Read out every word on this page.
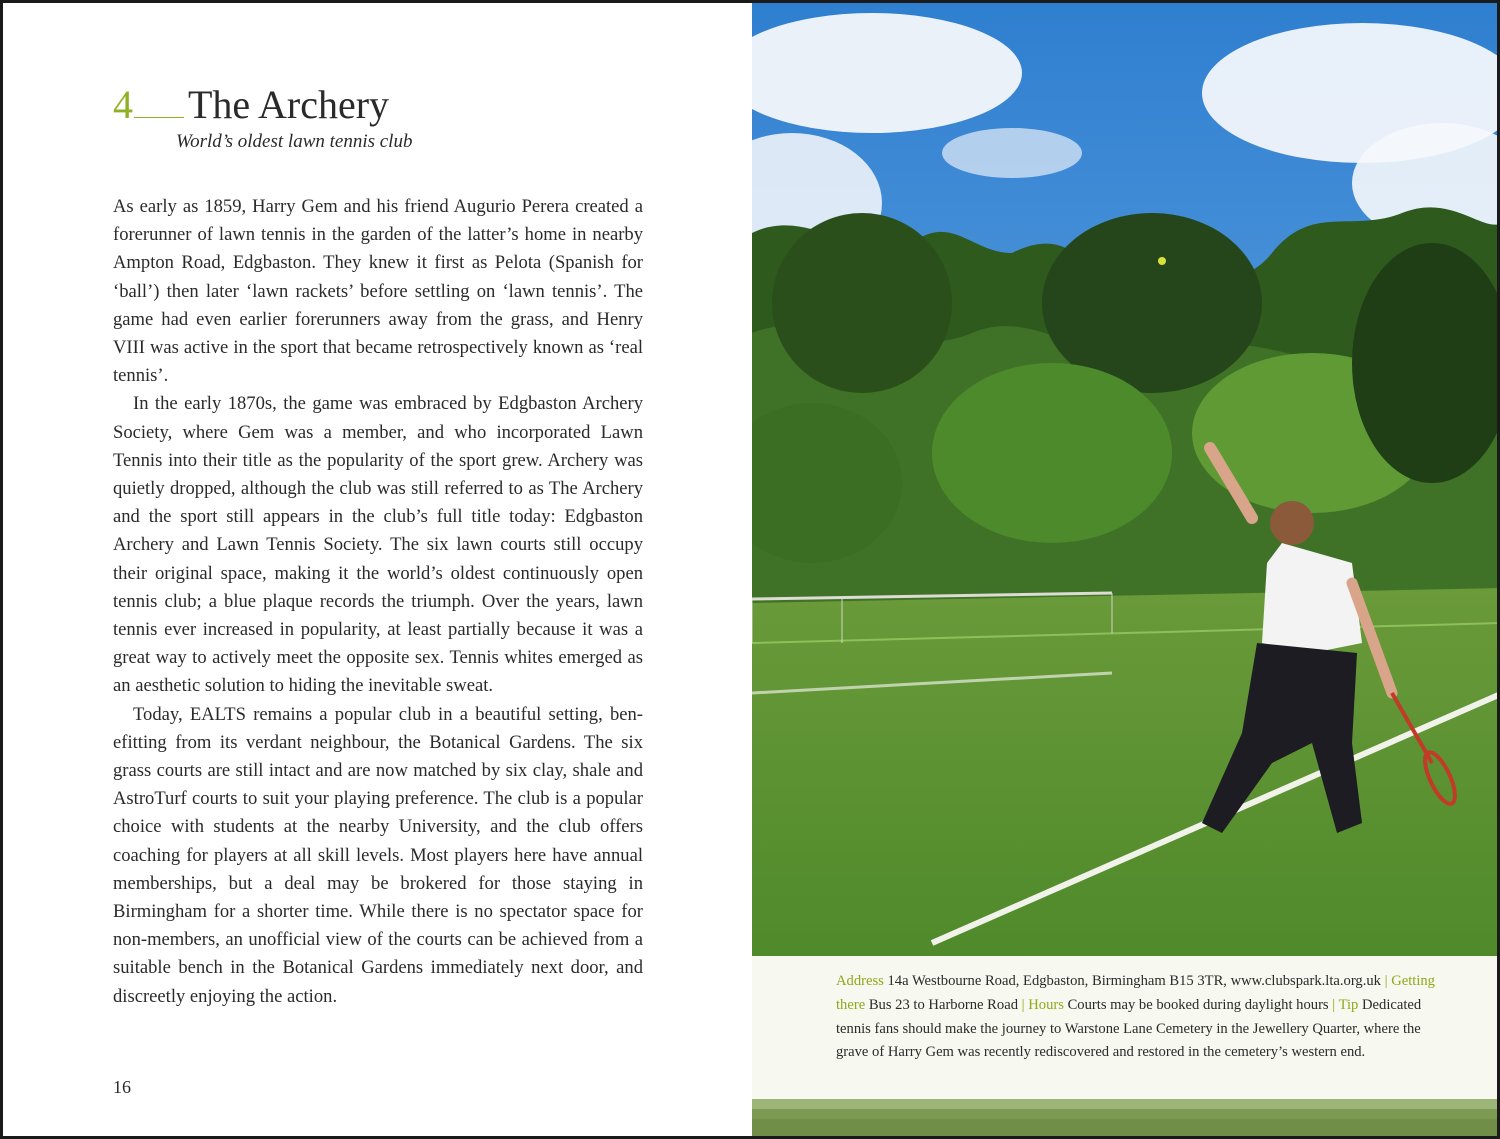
4 The Archery
World’s oldest lawn tennis club

As early as 1859, Harry Gem and his friend Augurio Perera created a forerunner of lawn tennis in the garden of the latter’s home in nearby Ampton Road, Edgbaston. They knew it first as Pelota (Spanish for ‘ball’) then later ‘lawn rackets’ before settling on ‘lawn tennis’. The game had even earlier forerunners away from the grass, and Henry VIII was active in the sport that became retrospectively known as ‘real tennis’.

In the early 1870s, the game was embraced by Edgbaston Archery Society, where Gem was a member, and who incorporated Lawn Tennis into their title as the popularity of the sport grew. Archery was quietly dropped, although the club was still referred to as The Archery and the sport still appears in the club’s full title today: Edgbaston Archery and Lawn Tennis Society. The six lawn courts still occupy their original space, making it the world’s oldest continuously open tennis club; a blue plaque records the triumph. Over the years, lawn tennis ever increased in popularity, at least partially because it was a great way to actively meet the opposite sex. Tennis whites emerged as an aesthetic solution to hiding the inevitable sweat.

Today, EALTS remains a popular club in a beautiful setting, benefitting from its verdant neighbour, the Botanical Gardens. The six grass courts are still intact and are now matched by six clay, shale and AstroTurf courts to suit your playing preference. The club is a popular choice with students at the nearby University, and the club offers coaching for players at all skill levels. Most players here have annual memberships, but a deal may be brokered for those staying in Birmingham for a shorter time. While there is no spectator space for non-members, an unofficial view of the courts can be achieved from a suitable bench in the Botanical Gardens immediately next door, and discreetly enjoying the action.

16
Address 14a Westbourne Road, Edgbaston, Birmingham B15 3TR, www.clubspark.lta.org.uk | Getting there Bus 23 to Harborne Road | Hours Courts may be booked during daylight hours | Tip Dedicated tennis fans should make the journey to Warstone Lane Cemetery in the Jewellery Quarter, where the grave of Harry Gem was recently rediscovered and restored in the cemetery’s western end.
